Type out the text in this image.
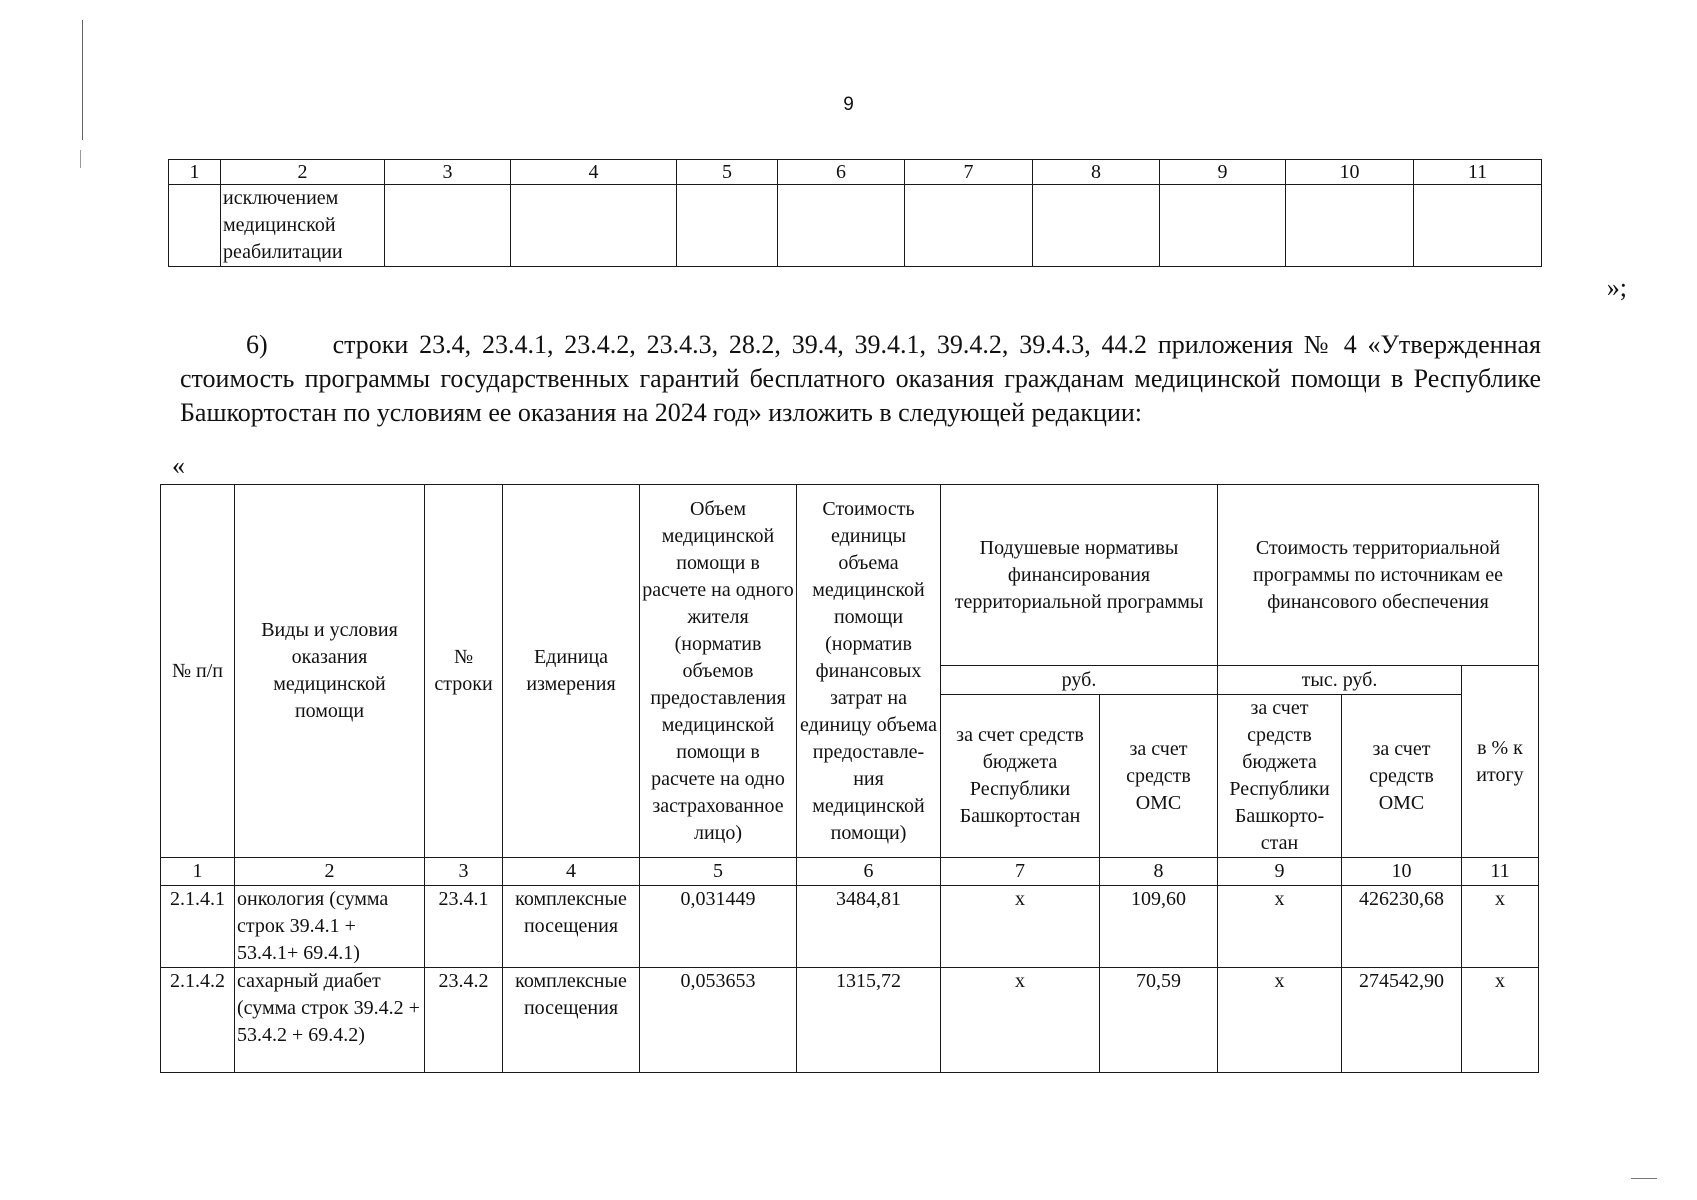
9
1	2	3	4	5	6	7	8	9	10	11
	исключением медицинской реабилитации									
»;
6) строки 23.4, 23.4.1, 23.4.2, 23.4.3, 28.2, 39.4, 39.4.1, 39.4.2, 39.4.3, 44.2 приложения № 4 «Утвержденная стоимость программы государственных гарантий бесплатного оказания гражданам медицинской помощи в Республике Башкортостан по условиям ее оказания на 2024 год» изложить в следующей редакции:
«
№ п/п	Виды и условия оказания медицинской помощи	№ строки	Единица измерения	Объем медицинской помощи в расчете на одного жителя (норматив объемов предоставления медицинской помощи в расчете на одно застрахованное лицо)	Стоимость единицы объема медицинской помощи (норматив финансовых затрат на единицу объема предоставле-ния медицинской помощи)	Подушевые нормативы финансирования территориальной программы		Стоимость территориальной программы по источникам ее финансового обеспечения		
						руб.		тыс. руб.		в % к итогу
						за счет средств бюджета Республики Башкортостан	за счет средств ОМС	за счет средств бюджета Республики Башкорто-стан	за счет средств ОМС	
1	2	3	4	5	6	7	8	9	10	11
2.1.4.1	онкология (сумма строк 39.4.1 + 53.4.1+ 69.4.1)	23.4.1	комплексные посещения	0,031449	3484,81	х	109,60	х	426230,68	х
2.1.4.2	сахарный диабет (сумма строк 39.4.2 + 53.4.2 + 69.4.2)	23.4.2	комплексные посещения	0,053653	1315,72	х	70,59	х	274542,90	х
